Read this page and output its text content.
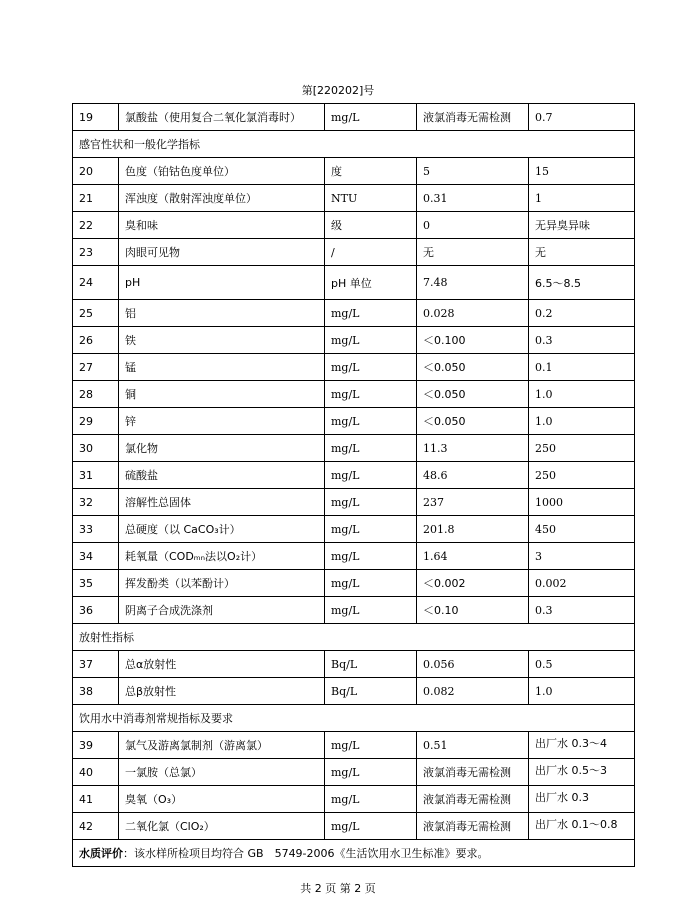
第[220202]号
19	氯酸盐（使用复合二氧化氯消毒时）	mg/L	液氯消毒无需检测	0.7
感官性状和一般化学指标				
20	色度（铂钴色度单位）	度	5	15
21	浑浊度（散射浑浊度单位）	NTU	0.31	1
22	臭和味	级	0	无异臭异味
23	肉眼可见物	/	无	无
24	pH	pH 单位	7.48	6.5～8.5
25	铝	mg/L	0.028	0.2
26	铁	mg/L	＜0.100	0.3
27	锰	mg/L	＜0.050	0.1
28	铜	mg/L	＜0.050	1.0
29	锌	mg/L	＜0.050	1.0
30	氯化物	mg/L	11.3	250
31	硫酸盐	mg/L	48.6	250
32	溶解性总固体	mg/L	237	1000
33	总硬度（以 CaCO₃计）	mg/L	201.8	450
34	耗氧量（CODₘₙ法以O₂计）	mg/L	1.64	3
35	挥发酚类（以苯酚计）	mg/L	＜0.002	0.002
36	阴离子合成洗涤剂	mg/L	＜0.10	0.3
放射性指标				
37	总α放射性	Bq/L	0.056	0.5
38	总β放射性	Bq/L	0.082	1.0
饮用水中消毒剂常规指标及要求				
39	氯气及游离氯制剂（游离氯）	mg/L	0.51	出厂水 0.3～4
40	一氯胺（总氯）	mg/L	液氯消毒无需检测	出厂水 0.5～3
41	臭氧（O₃）	mg/L	液氯消毒无需检测	出厂水 0.3
42	二氧化氯（ClO₂）	mg/L	液氯消毒无需检测	出厂水 0.1～0.8
水质评价：该水样所检项目均符合 GB　5749-2006《生活饮用水卫生标准》要求。				
共 2 页 第 2 页
